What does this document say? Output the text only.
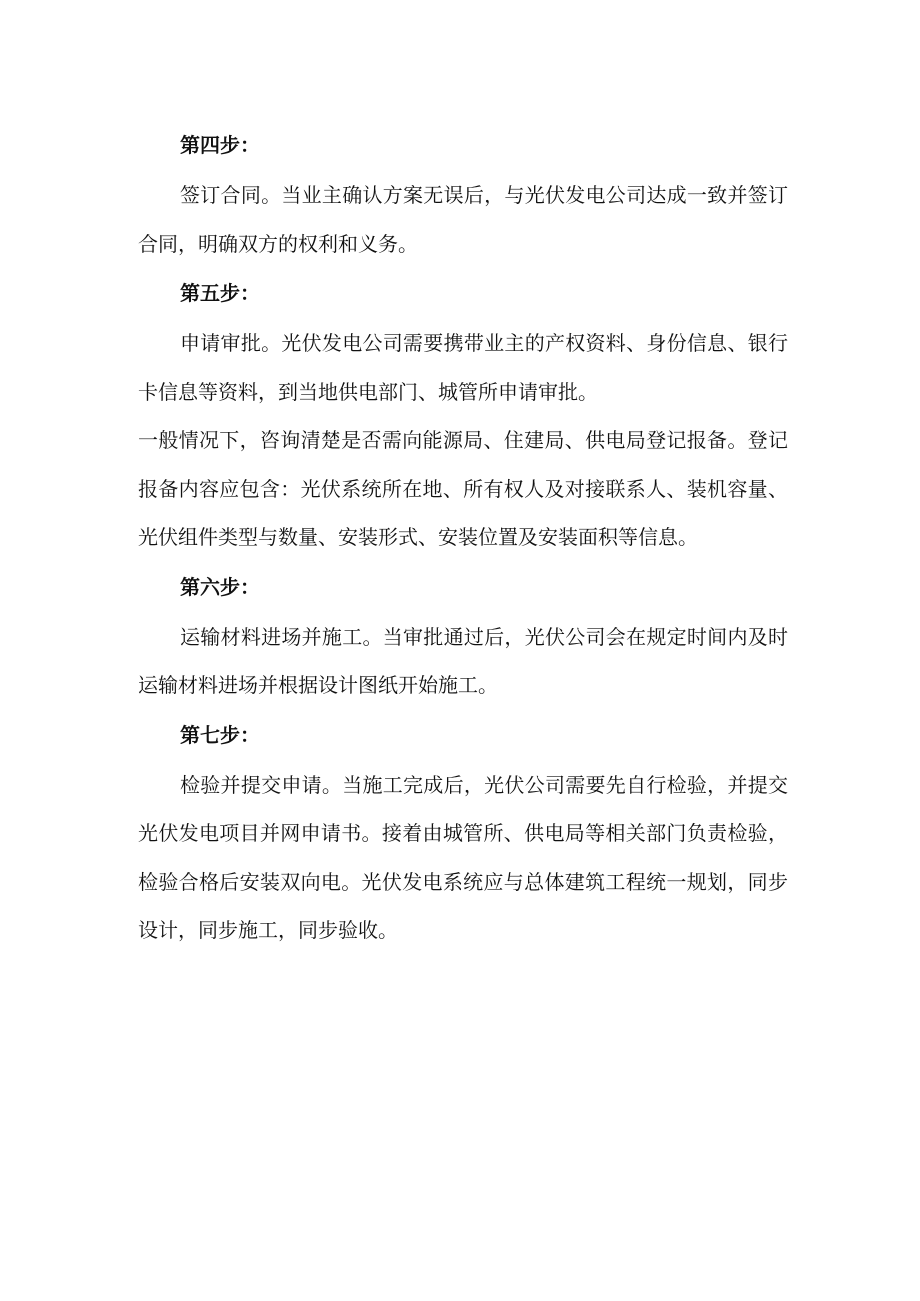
第四步：

签订合同。当业主确认方案无误后，与光伏发电公司达成一致并签订合同，明确双方的权利和义务。

第五步：

申请审批。光伏发电公司需要携带业主的产权资料、身份信息、银行卡信息等资料，到当地供电部门、城管所申请审批。

一般情况下，咨询清楚是否需向能源局、住建局、供电局登记报备。登记报备内容应包含：光伏系统所在地、所有权人及对接联系人、装机容量、光伏组件类型与数量、安装形式、安装位置及安装面积等信息。

第六步：

运输材料进场并施工。当审批通过后，光伏公司会在规定时间内及时运输材料进场并根据设计图纸开始施工。

第七步：

检验并提交申请。当施工完成后，光伏公司需要先自行检验，并提交光伏发电项目并网申请书。接着由城管所、供电局等相关部门负责检验，检验合格后安装双向电。光伏发电系统应与总体建筑工程统一规划，同步设计，同步施工，同步验收。
